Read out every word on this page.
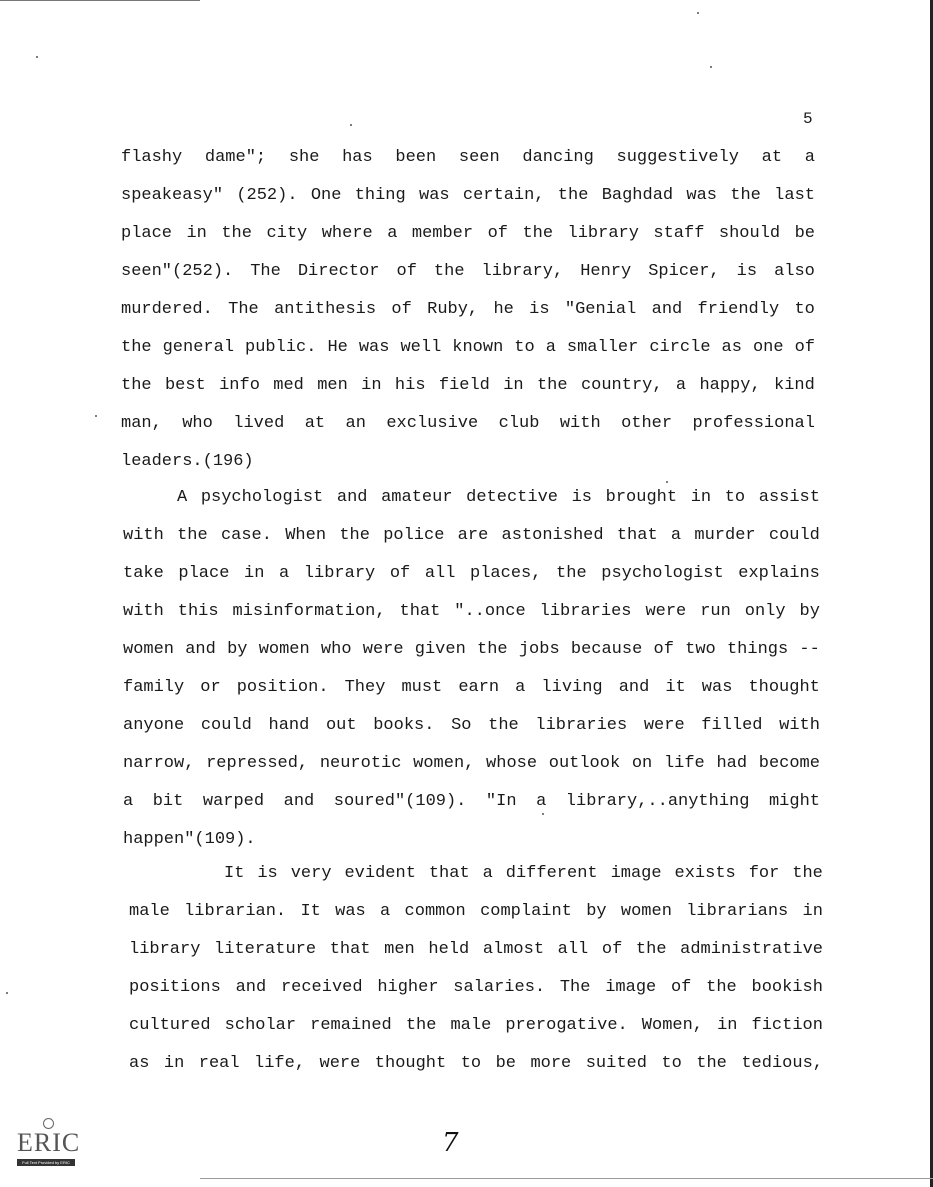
5
flashy dame"; she has been seen dancing suggestively at a
speakeasy" (252). One thing was certain, the Baghdad was the last
place in the city where a member of the library staff should be
seen"(252). The Director of the library, Henry Spicer, is also
murdered. The antithesis of Ruby, he is "Genial and friendly to
the general public. He was well known to a smaller circle as one of
the best info med men in his field in the country, a happy, kind
man, who lived at an exclusive club with other professional
leaders.(196)
A psychologist and amateur detective is brought in to assist
with the case. When the police are astonished that a murder could
take place in a library of all places, the psychologist explains
with this misinformation, that "..once libraries were run only by
women and by women who were given the jobs because of two things --
family or position. They must earn a living and it was thought
anyone could hand out books. So the libraries were filled with
narrow, repressed, neurotic women, whose outlook on life had become
a bit warped and soured"(109). "In a library,..anything might
happen"(109).
It is very evident that a different image exists for the
male librarian. It was a common complaint by women librarians in
library literature that men held almost all of the administrative
positions and received higher salaries. The image of the bookish
cultured scholar remained the male prerogative. Women, in fiction
as in real life, were thought to be more suited to the tedious,
7
ERIC
Full Text Provided by ERIC
